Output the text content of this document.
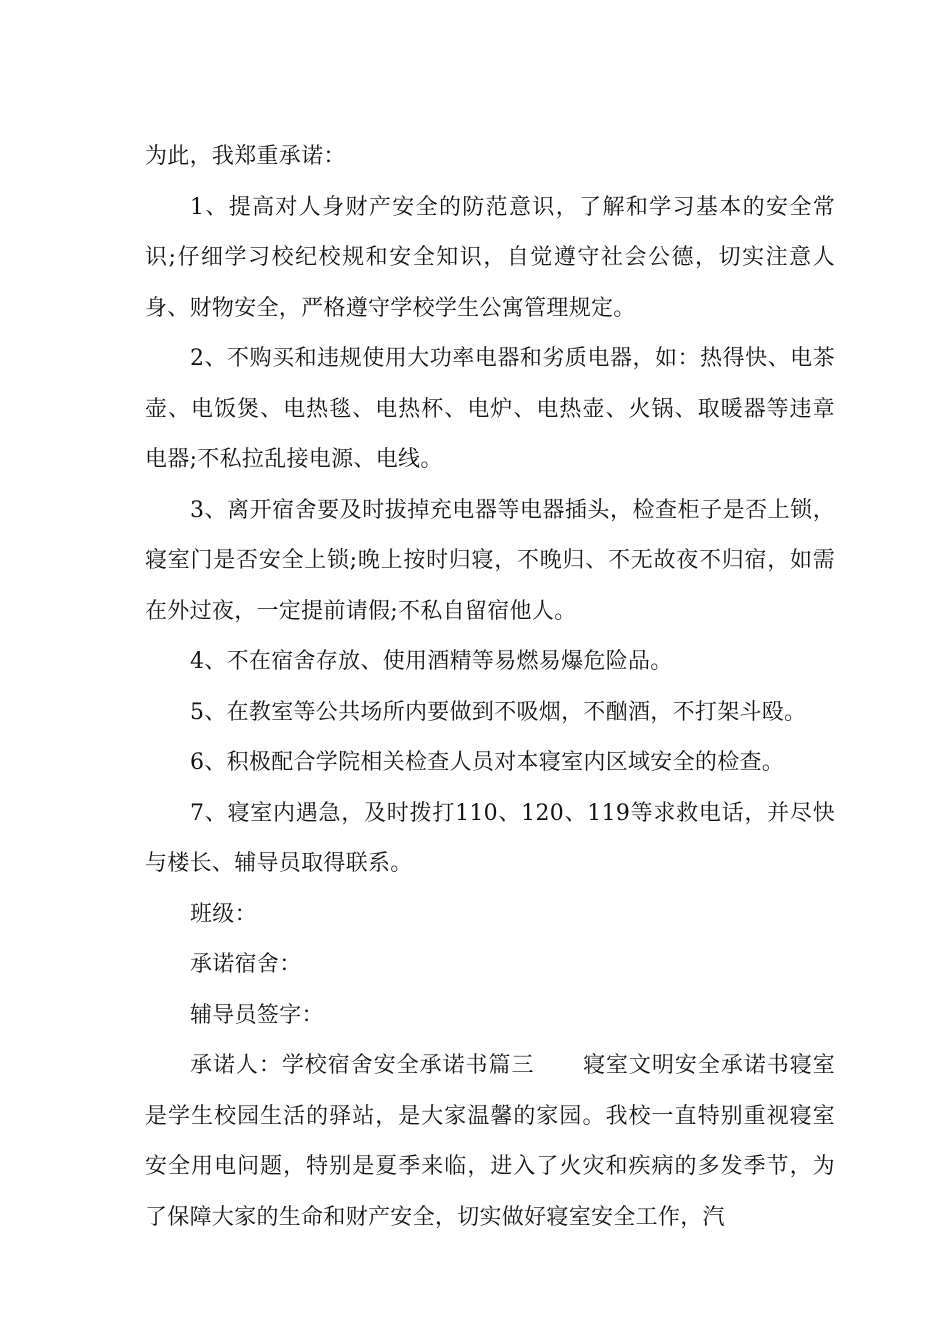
为此，我郑重承诺：

1、提高对人身财产安全的防范意识，了解和学习基本的安全常识;仔细学习校纪校规和安全知识，自觉遵守社会公德，切实注意人身、财物安全，严格遵守学校学生公寓管理规定。

2、不购买和违规使用大功率电器和劣质电器，如：热得快、电茶壶、电饭煲、电热毯、电热杯、电炉、电热壶、火锅、取暖器等违章电器;不私拉乱接电源、电线。

3、离开宿舍要及时拔掉充电器等电器插头，检查柜子是否上锁，寝室门是否安全上锁;晚上按时归寝，不晚归、不无故夜不归宿，如需在外过夜，一定提前请假;不私自留宿他人。

4、不在宿舍存放、使用酒精等易燃易爆危险品。

5、在教室等公共场所内要做到不吸烟，不酗酒，不打架斗殴。

6、积极配合学院相关检查人员对本寝室内区域安全的检查。

7、寝室内遇急，及时拨打110、120、119等求救电话，并尽快与楼长、辅导员取得联系。

班级：

承诺宿舍：

辅导员签字：

承诺人：学校宿舍安全承诺书篇三 寝室文明安全承诺书寝室是学生校园生活的驿站，是大家温馨的家园。我校一直特别重视寝室安全用电问题，特别是夏季来临，进入了火灾和疾病的多发季节，为了保障大家的生命和财产安全，切实做好寝室安全工作，汽
